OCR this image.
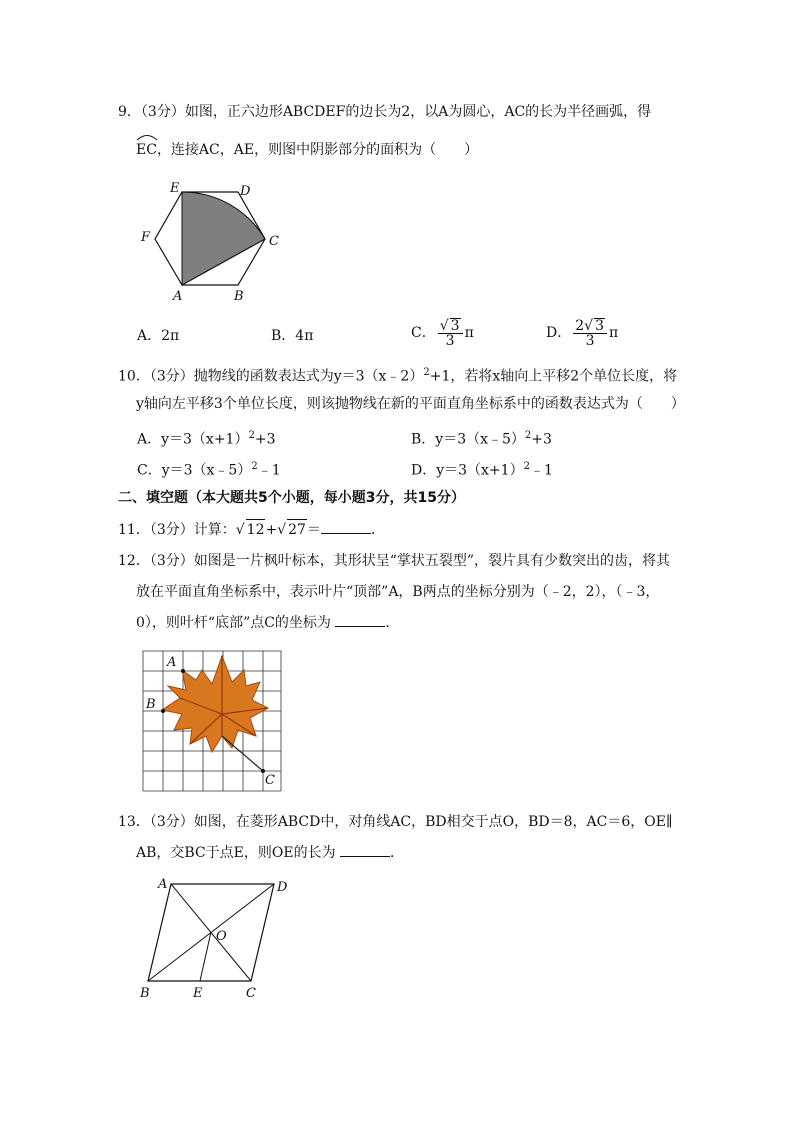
9．（3分）如图，正六边形ABCDEF的边长为2，以A为圆心，AC的长为半径画弧，得
EC，连接AC，AE，则图中阴影部分的面积为（　　）
E	D
F	C
A	B
A．2π	B．4π	C． $\frac{√ 3}{3}$ π	D． $\frac{2√ 3}{3}$ π
10．（3分）抛物线的函数表达式为y＝3（x﹣2）$^2$+1，若将x轴向上平移2个单位长度，将
y轴向左平移3个单位长度，则该抛物线在新的平面直角坐标系中的函数表达式为（　　）
A．$y=3(x+1)^2+3$	B．y＝3（x﹣5）$^2$+3
C．y＝3（x﹣5）$^2$﹣1	D．$y=3(x+1)^2﹣1$
二、填空题（本大题共5个小题，每小题3分，共15分）
11．（3分）计算：√ 12+√ 27＝	．
12．（3分）如图是一片枫叶标本，其形状呈“掌状五裂型”，裂片具有少数突出的齿，将其
放在平面直角坐标系中，表示叶片“顶部”A，B两点的坐标分别为（﹣2，2），（﹣3，
0），则叶杆“底部”点C的坐标为	．
A
B
C
13．（3分）如图，在菱形ABCD中，对角线AC，BD相交于点O，BD＝8，AC＝6，OE∥
AB，交BC于点E，则OE的长为	．
A	D
O
B	E	C
